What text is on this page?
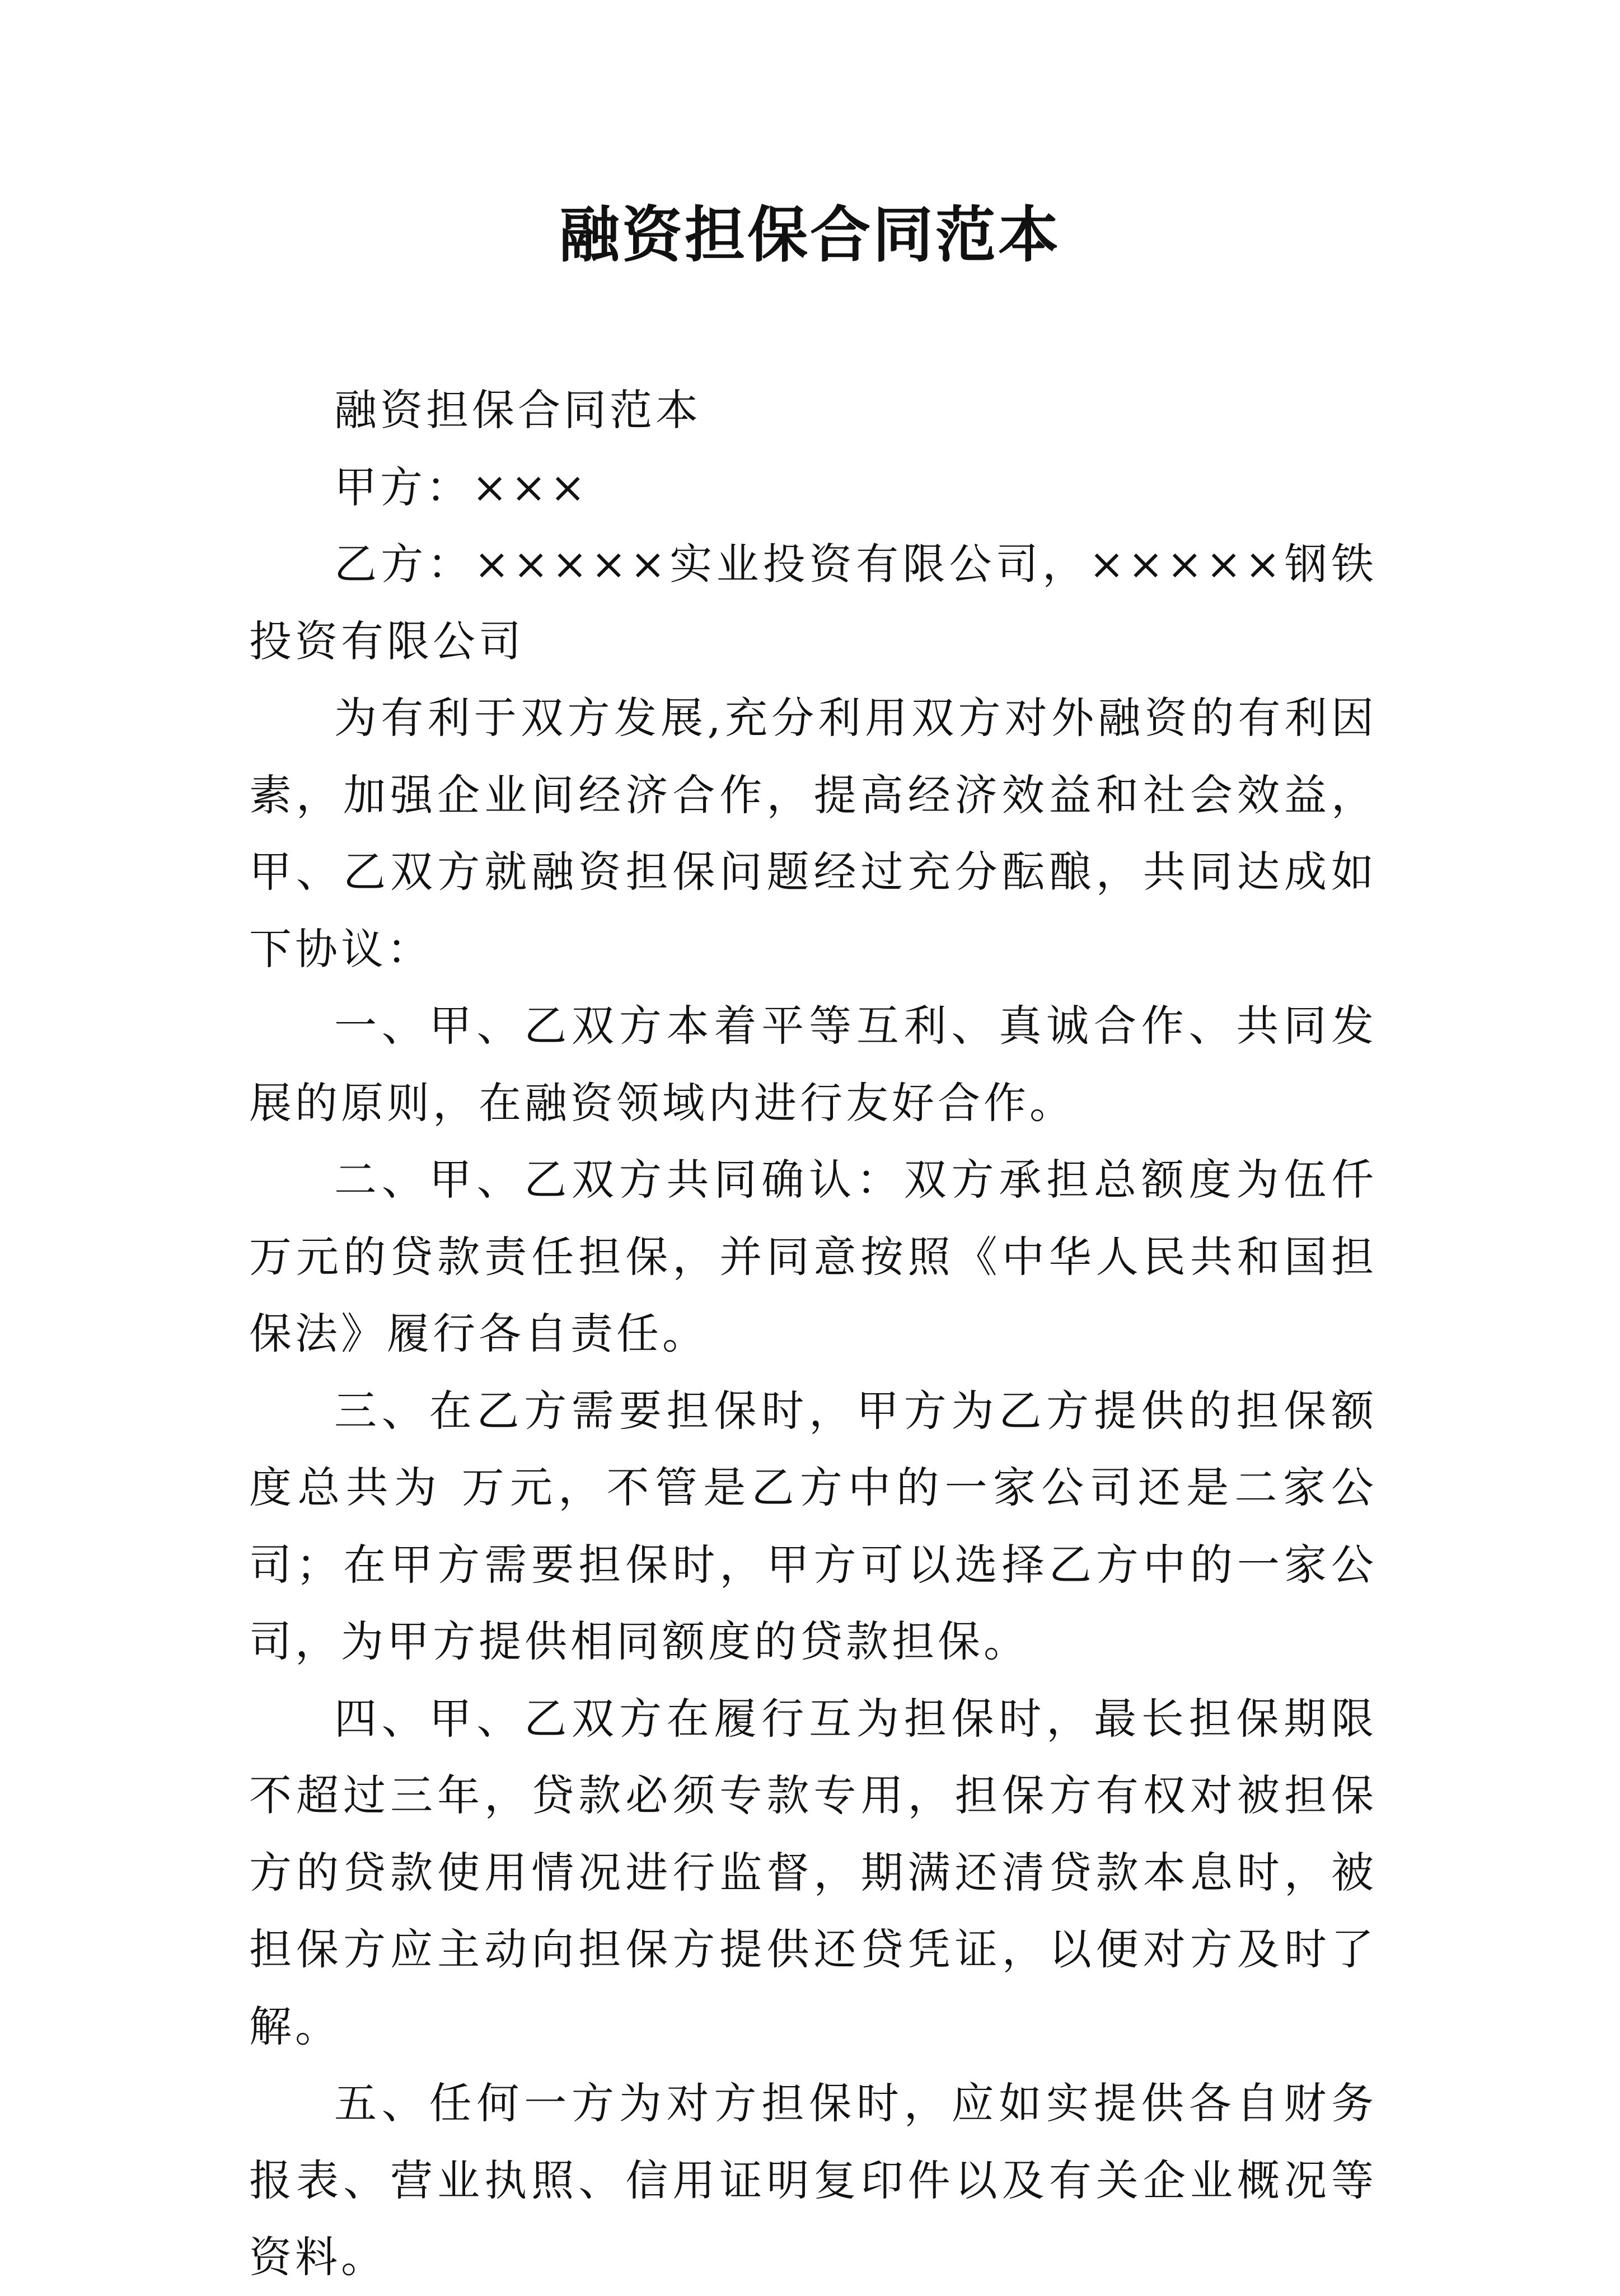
融资担保合同范本

融资担保合同范本

甲方：×××

乙方：×××××实业投资有限公司，×××××钢铁投资有限公司

为有利于双方发展,充分利用双方对外融资的有利因素，加强企业间经济合作，提高经济效益和社会效益，甲、乙双方就融资担保问题经过充分酝酿，共同达成如下协议：

一、甲、乙双方本着平等互利、真诚合作、共同发展的原则，在融资领域内进行友好合作。

二、甲、乙双方共同确认：双方承担总额度为伍仟万元的贷款责任担保，并同意按照《中华人民共和国担保法》履行各自责任。

三、在乙方需要担保时，甲方为乙方提供的担保额度总共为 万元，不管是乙方中的一家公司还是二家公司；在甲方需要担保时，甲方可以选择乙方中的一家公司，为甲方提供相同额度的贷款担保。

四、甲、乙双方在履行互为担保时，最长担保期限不超过三年，贷款必须专款专用，担保方有权对被担保方的贷款使用情况进行监督，期满还清贷款本息时，被担保方应主动向担保方提供还贷凭证，以便对方及时了解。

五、任何一方为对方担保时，应如实提供各自财务报表、营业执照、信用证明复印件以及有关企业概况等资料。
